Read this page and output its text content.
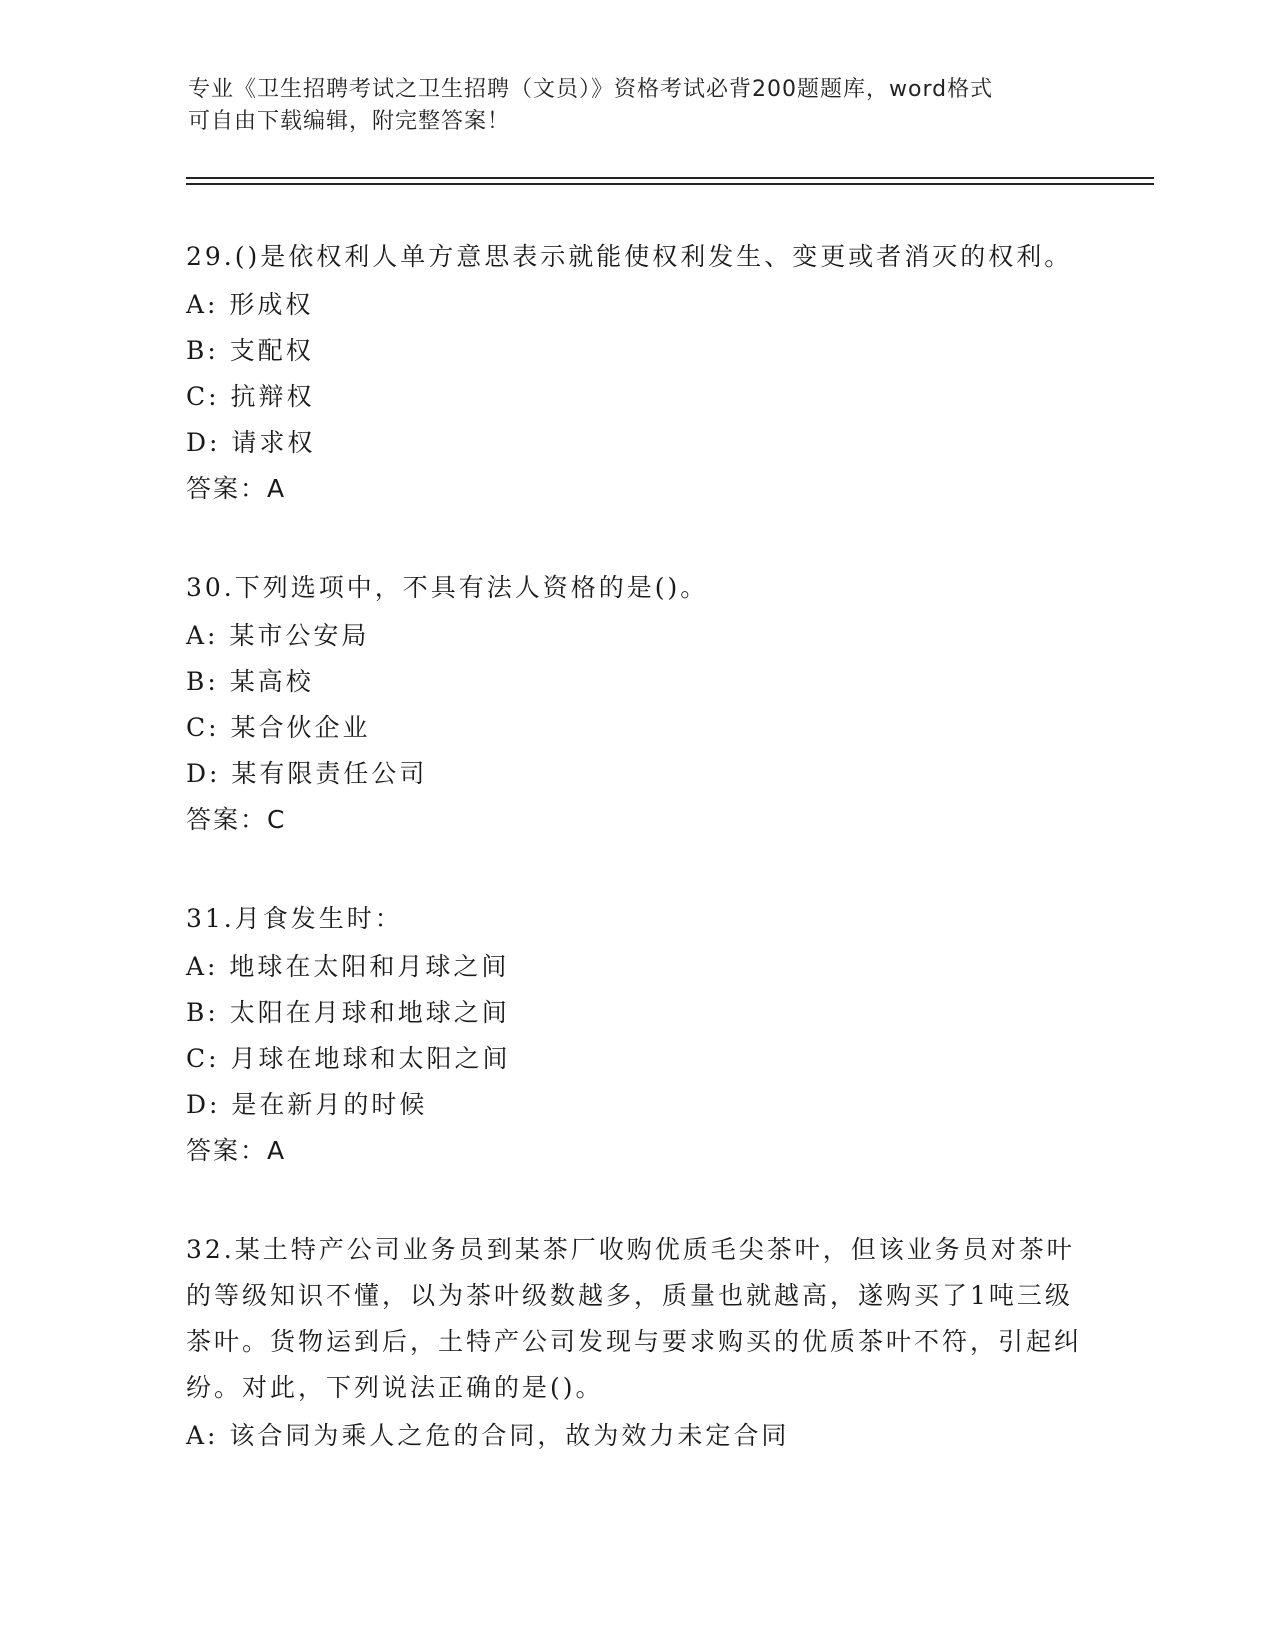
专业《卫生招聘考试之卫生招聘（文员）》资格考试必背200题题库，word格式
可自由下载编辑，附完整答案！
29.()是依权利人单方意思表示就能使权利发生、变更或者消灭的权利。
A: 形成权
B: 支配权
C: 抗辩权
D: 请求权
答案：A
30.下列选项中，不具有法人资格的是()。
A: 某市公安局
B: 某高校
C: 某合伙企业
D: 某有限责任公司
答案：C
31.月食发生时：
A: 地球在太阳和月球之间
B: 太阳在月球和地球之间
C: 月球在地球和太阳之间
D: 是在新月的时候
答案：A
32.某土特产公司业务员到某茶厂收购优质毛尖茶叶，但该业务员对茶叶的等级知识不懂，以为茶叶级数越多，质量也就越高，遂购买了1吨三级茶叶。货物运到后，土特产公司发现与要求购买的优质茶叶不符，引起纠纷。对此，下列说法正确的是()。
A: 该合同为乘人之危的合同，故为效力未定合同
